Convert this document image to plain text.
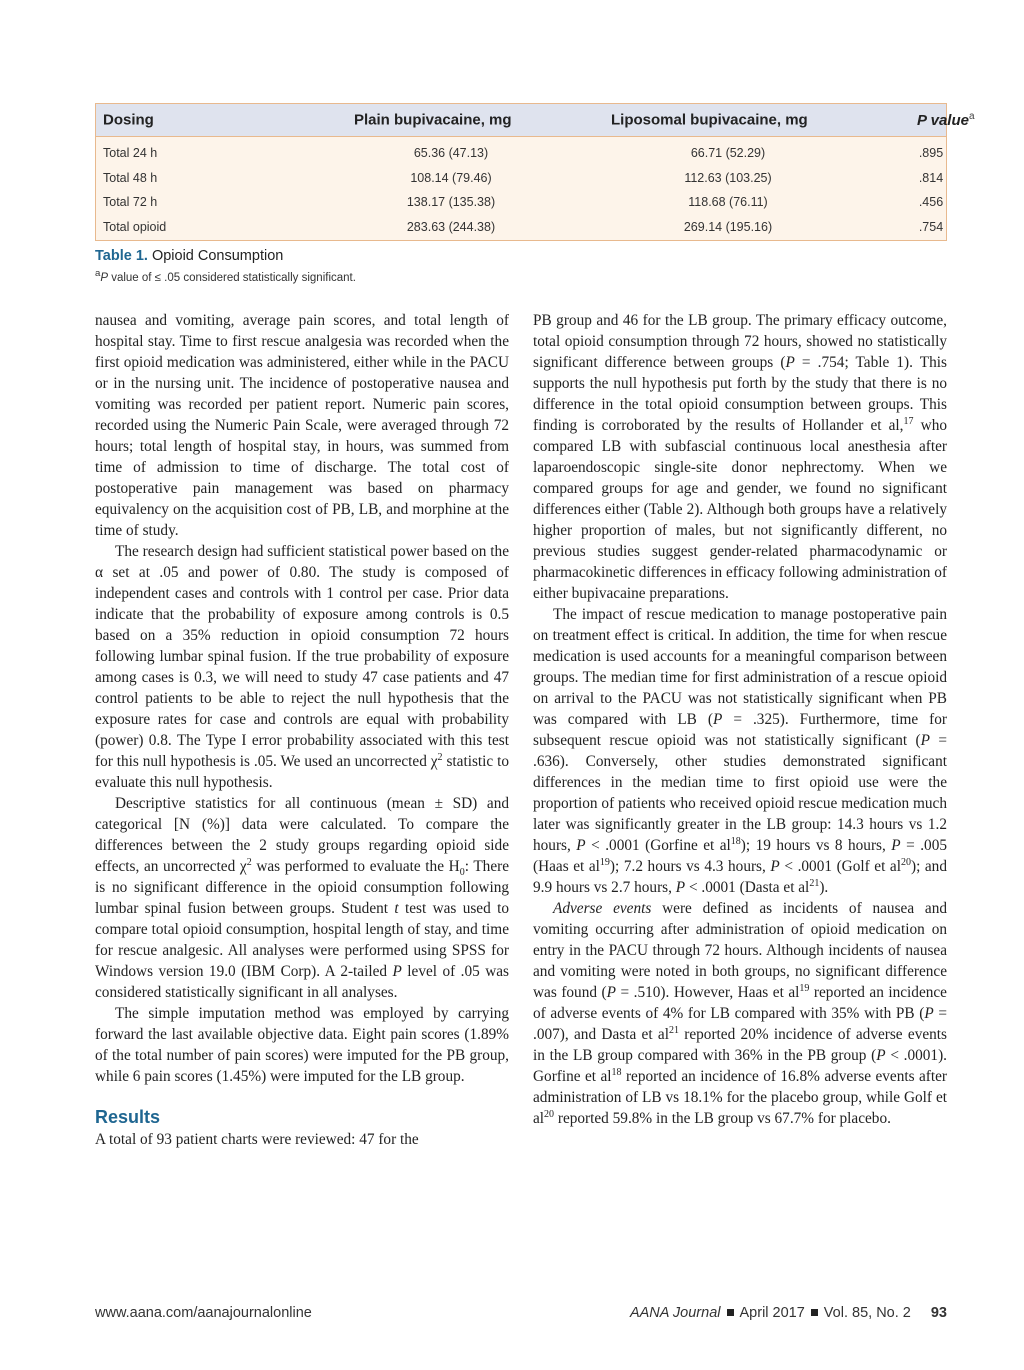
Dosing	Plain bupivacaine, mg	Liposomal bupivacaine, mg	P value$^a$
Total 24 h	65.36 (47.13)	66.71 (52.29)	.895
Total 48 h	108.14 (79.46)	112.63 (103.25)	.814
Total 72 h	138.17 (135.38)	118.68 (76.11)	.456
Total opioid	283.63 (244.38)	269.14 (195.16)	.754
Table 1. Opioid Consumption
$^a$P value of ≤ .05 considered statistically significant.

nausea and vomiting, average pain scores, and total length of hospital stay. Time to first rescue analgesia was recorded when the first opioid medication was administered, either while in the PACU or in the nursing unit. The incidence of postoperative nausea and vomiting was recorded per patient report. Numeric pain scores, recorded using the Numeric Pain Scale, were averaged through 72 hours; total length of hospital stay, in hours, was summed from time of admission to time of discharge. The total cost of postoperative pain management was based on pharmacy equivalency on the acquisition cost of PB, LB, and morphine at the time of study.

The research design had sufficient statistical power based on the α set at .05 and power of 0.80. The study is composed of independent cases and controls with 1 control per case. Prior data indicate that the probability of exposure among controls is 0.5 based on a 35% reduction in opioid consumption 72 hours following lumbar spinal fusion. If the true probability of exposure among cases is 0.3, we will need to study 47 case patients and 47 control patients to be able to reject the null hypothesis that the exposure rates for case and controls are equal with probability (power) 0.8. The Type I error probability associated with this test for this null hypothesis is .05. We used an uncorrected $\chi^2$ statistic to evaluate this null hypothesis.

Descriptive statistics for all continuous (mean ± SD) and categorical [N (%)] data were calculated. To compare the differences between the 2 study groups regarding opioid side effects, an uncorrected $\chi^2$ was performed to evaluate the $H_0$: There is no significant difference in the opioid consumption following lumbar spinal fusion between groups. Student t test was used to compare total opioid consumption, hospital length of stay, and time for rescue analgesic. All analyses were performed using SPSS for Windows version 19.0 (IBM Corp). A 2-tailed P level of .05 was considered statistically significant in all analyses.

The simple imputation method was employed by carrying forward the last available objective data. Eight pain scores (1.89% of the total number of pain scores) were imputed for the PB group, while 6 pain scores (1.45%) were imputed for the LB group.

Results

A total of 93 patient charts were reviewed: 47 for the

PB group and 46 for the LB group. The primary efficacy outcome, total opioid consumption through 72 hours, showed no statistically significant difference between groups (P = .754; Table 1). This supports the null hypothesis put forth by the study that there is no difference in the total opioid consumption between groups. This finding is corroborated by the results of Hollander et al,$^{17}$ who compared LB with subfascial continuous local anesthesia after laparoendoscopic single-site donor nephrectomy. When we compared groups for age and gender, we found no significant differences either (Table 2). Although both groups have a relatively higher proportion of males, but not significantly different, no previous studies suggest gender-related pharmacodynamic or pharmacokinetic differences in efficacy following administration of either bupivacaine preparations.

The impact of rescue medication to manage postoperative pain on treatment effect is critical. In addition, the time for when rescue medication is used accounts for a meaningful comparison between groups. The median time for first administration of a rescue opioid on arrival to the PACU was not statistically significant when PB was compared with LB (P = .325). Furthermore, time for subsequent rescue opioid was not statistically significant (P = .636). Conversely, other studies demonstrated significant differences in the median time to first opioid use were the proportion of patients who received opioid rescue medication much later was significantly greater in the LB group: 14.3 hours vs 1.2 hours, P < .0001 (Gorfine et $al^{18}$); 19 hours vs 8 hours, P = .005 (Haas et $al^{19}$); 7.2 hours vs 4.3 hours, P < .0001 (Golf et $al^{20}$); and 9.9 hours vs 2.7 hours, P < .0001 (Dasta et $al^{21}$).

Adverse events were defined as incidents of nausea and vomiting occurring after administration of opioid medication on entry in the PACU through 72 hours. Although incidents of nausea and vomiting were noted in both groups, no significant difference was found (P = .510). However, Haas et $al^{19}$ reported an incidence of adverse events of 4% for LB compared with 35% with PB (P = .007), and Dasta et $al^{21}$ reported 20% incidence of adverse events in the LB group compared with 36% in the PB group (P < .0001). Gorfine et $al^{18}$ reported an incidence of 16.8% adverse events after administration of LB vs 18.1% for the placebo group, while Golf et $al^{20}$ reported 59.8% in the LB group vs 67.7% for placebo.

www.aana.com/aanajournalonline	AANA Journal April 2017 Vol. 85, No. 2 93
